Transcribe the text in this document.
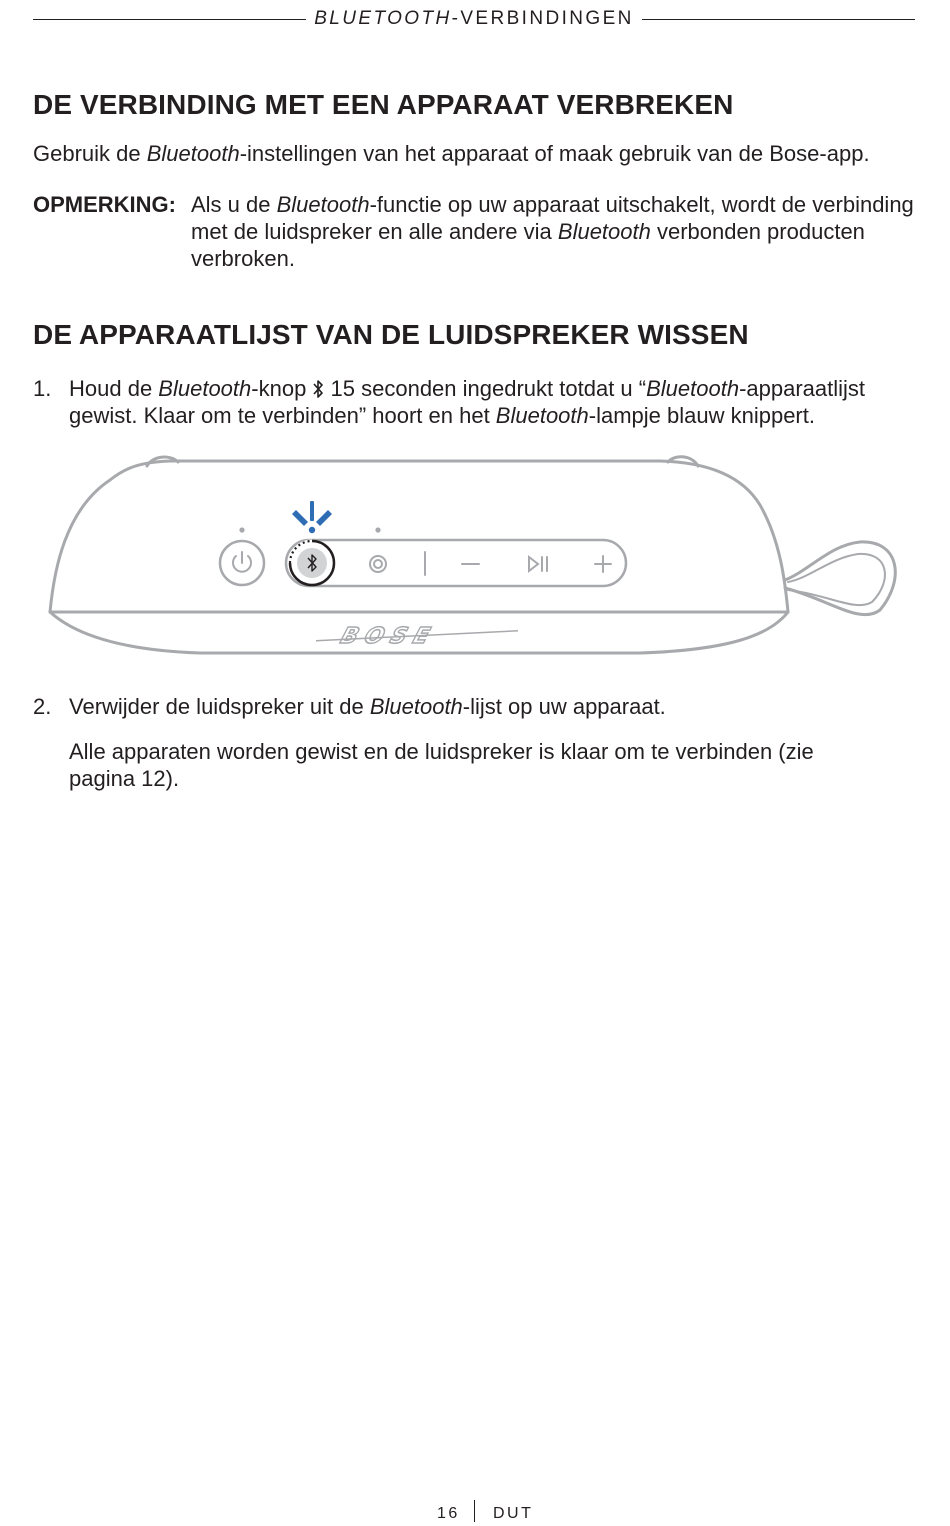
BLUETOOTH-VERBINDINGEN
DE VERBINDING MET EEN APPARAAT VERBREKEN

Gebruik de Bluetooth-instellingen van het apparaat of maak gebruik van de Bose-app.

OPMERKING: Als u de Bluetooth-functie op uw apparaat uitschakelt, wordt de verbinding met de luidspreker en alle andere via Bluetooth verbonden producten verbroken.
DE APPARAATLIJST VAN DE LUIDSPREKER WISSEN
1. Houd de Bluetooth-knop  15 seconden ingedrukt totdat u “Bluetooth-apparaatlijst gewist. Klaar om te verbinden” hoort en het Bluetooth-lampje blauw knippert.
BOSE
2. Verwijder de luidspreker uit de Bluetooth-lijst op uw apparaat.
Alle apparaten worden gewist en de luidspreker is klaar om te verbinden (zie pagina 12).
16 DUT
